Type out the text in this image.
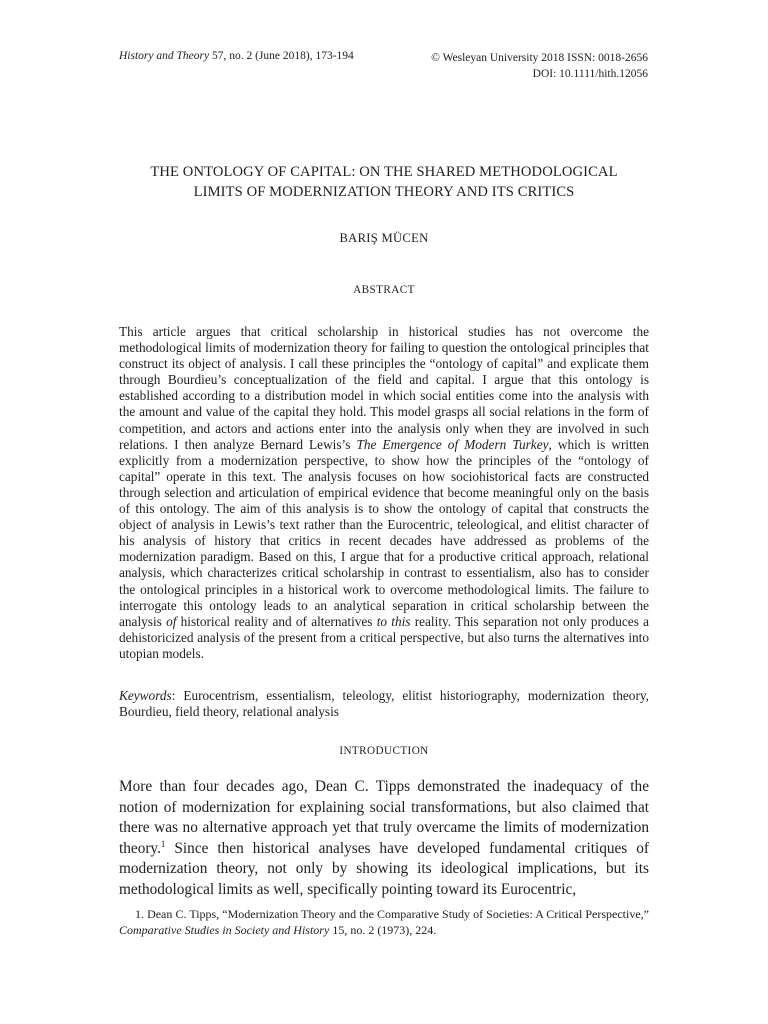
History and Theory 57, no. 2 (June 2018), 173-194	© Wesleyan University 2018 ISSN: 0018-2656
DOI: 10.1111/hith.12056
THE ONTOLOGY OF CAPITAL: ON THE SHARED METHODOLOGICAL
LIMITS OF MODERNIZATION THEORY AND ITS CRITICS
BARIŞ MÜCEN
ABSTRACT
This article argues that critical scholarship in historical studies has not overcome the methodological limits of modernization theory for failing to question the ontological principles that construct its object of analysis. I call these principles the “ontology of capital” and explicate them through Bourdieu’s conceptualization of the field and capital. I argue that this ontology is established according to a distribution model in which social entities come into the analysis with the amount and value of the capital they hold. This model grasps all social relations in the form of competition, and actors and actions enter into the analysis only when they are involved in such relations. I then analyze Bernard Lewis’s The Emergence of Modern Turkey, which is written explicitly from a modernization perspective, to show how the principles of the “ontology of capital” operate in this text. The analysis focuses on how sociohistorical facts are constructed through selection and articulation of empirical evidence that become meaningful only on the basis of this ontology. The aim of this analysis is to show the ontology of capital that constructs the object of analysis in Lewis’s text rather than the Eurocentric, teleological, and elitist character of his analysis of history that critics in recent decades have addressed as problems of the modernization paradigm. Based on this, I argue that for a productive critical approach, relational analysis, which characterizes critical scholarship in contrast to essentialism, also has to consider the ontological principles in a historical work to overcome methodological limits. The failure to interrogate this ontology leads to an analytical separation in critical scholarship between the analysis of historical reality and of alternatives to this reality. This separation not only produces a dehistoricized analysis of the present from a critical perspective, but also turns the alternatives into utopian models.
Keywords: Eurocentrism, essentialism, teleology, elitist historiography, modernization theory, Bourdieu, field theory, relational analysis
INTRODUCTION
More than four decades ago, Dean C. Tipps demonstrated the inadequacy of the notion of modernization for explaining social transformations, but also claimed that there was no alternative approach yet that truly overcame the limits of modernization theory.$^1$ Since then historical analyses have developed fundamental critiques of modernization theory, not only by showing its ideological implications, but its methodological limits as well, specifically pointing toward its Eurocentric,
1. Dean C. Tipps, “Modernization Theory and the Comparative Study of Societies: A Critical Perspective,” Comparative Studies in Society and History 15, no. 2 (1973), 224.
